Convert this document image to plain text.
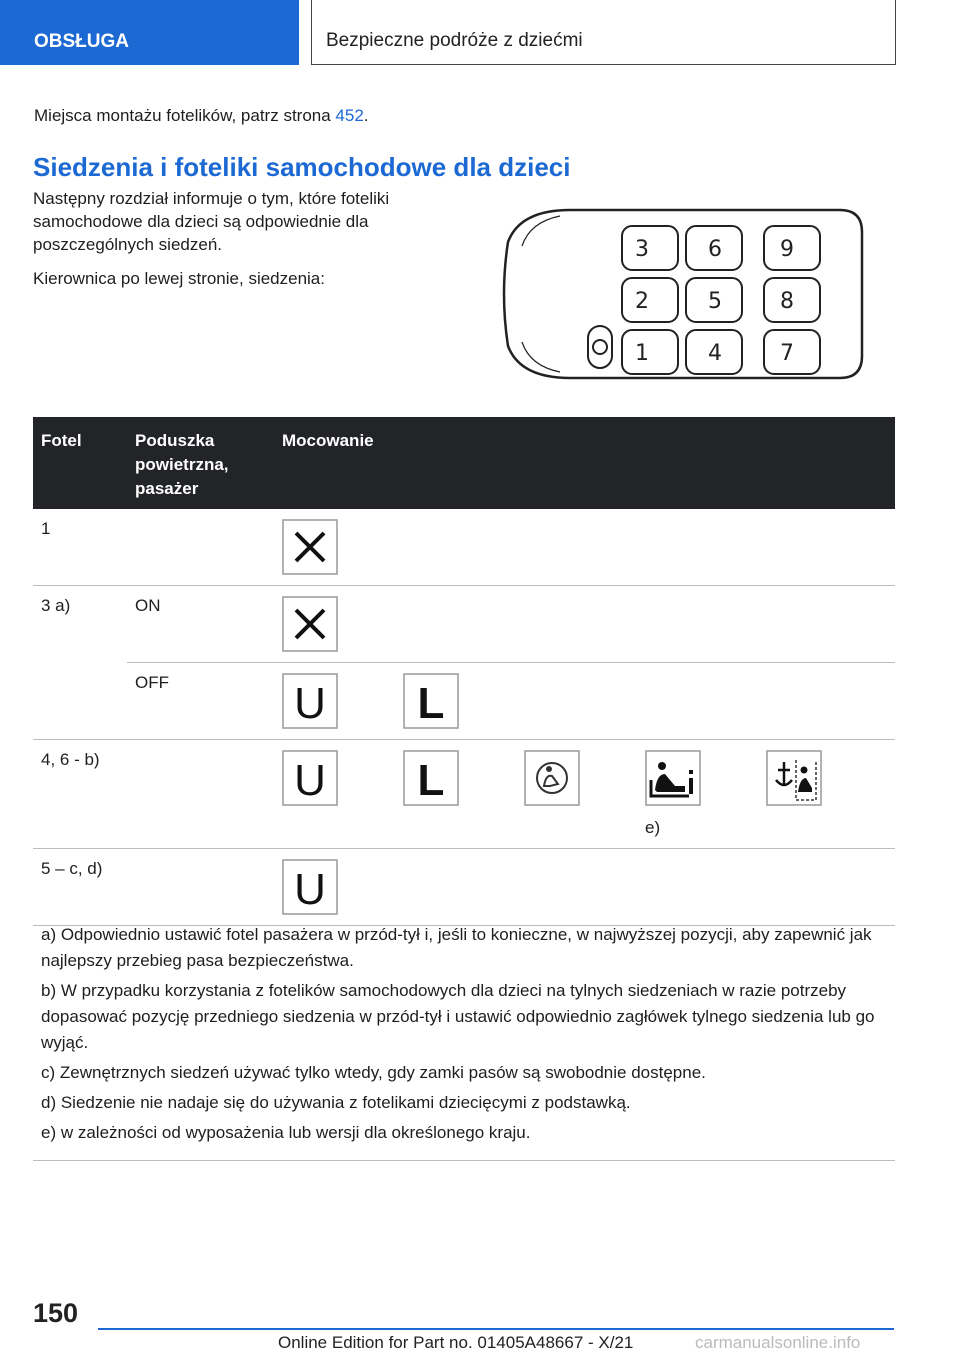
OBSŁUGA	Bezpieczne podróże z dziećmi
Miejsca montażu fotelików, patrz strona 452.
Siedzenia i foteliki samochodowe dla dzieci

Następny rozdział informuje o tym, które foteliki samochodowe dla dzieci są odpowiednie dla poszczególnych siedzeń.

Kierownica po lewej stronie, siedzenia:

3	6	9
2	5	8
1	4	7
Fotel	Poduszka powietrzna, pasażer	Mocowanie
1		

3 a)	ON	

	OFF	U L

4, 6 - b)		U L
e)

5 – c, d)		U

a) Odpowiednio ustawić fotel pasażera w przód-tył i, jeśli to konieczne, w najwyższej pozycji, aby zapewnić jak najlepszy przebieg pasa bezpieczeństwa.

b) W przypadku korzystania z fotelików samochodowych dla dzieci na tylnych siedzeniach w razie potrzeby dopasować pozycję przedniego siedzenia w przód-tył i ustawić odpowiednio zagłówek tylnego siedzenia lub go wyjąć.

c) Zewnętrznych siedzeń używać tylko wtedy, gdy zamki pasów są swobodnie dostępne.

d) Siedzenie nie nadaje się do używania z fotelikami dziecięcymi z podstawką.

e) w zależności od wyposażenia lub wersji dla określonego kraju.

150
Online Edition for Part no. 01405A48667 - X/21	carmanualsonline.info
